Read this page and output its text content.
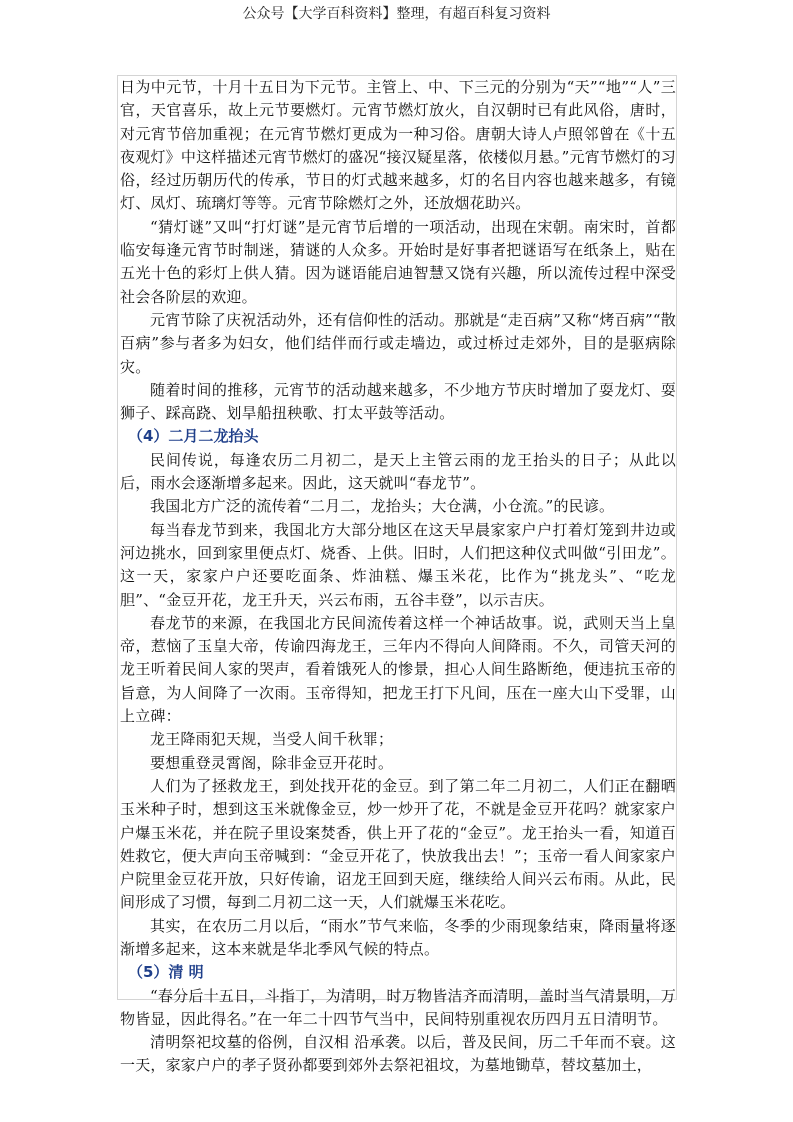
公众号【大学百科资料】整理，有超百科复习资料

日为中元节，十月十五日为下元节。主管上、中、下三元的分别为“天”“地”“人”三官，天官喜乐，故上元节要燃灯。元宵节燃灯放火，自汉朝时已有此风俗，唐时，对元宵节倍加重视；在元宵节燃灯更成为一种习俗。唐朝大诗人卢照邻曾在《十五夜观灯》中这样描述元宵节燃灯的盛况“接汉疑星落，依楼似月悬。”元宵节燃灯的习俗，经过历朝历代的传承，节日的灯式越来越多，灯的名目内容也越来越多，有镜灯、凤灯、琉璃灯等等。元宵节除燃灯之外，还放烟花助兴。

“猜灯谜”又叫“打灯谜”是元宵节后增的一项活动，出现在宋朝。南宋时，首都临安每逢元宵节时制迷，猜谜的人众多。开始时是好事者把谜语写在纸条上，贴在五光十色的彩灯上供人猜。因为谜语能启迪智慧又饶有兴趣，所以流传过程中深受社会各阶层的欢迎。

元宵节除了庆祝活动外，还有信仰性的活动。那就是“走百病”又称“烤百病”“散百病”参与者多为妇女，他们结伴而行或走墙边，或过桥过走郊外，目的是驱病除灾。

随着时间的推移，元宵节的活动越来越多，不少地方节庆时增加了耍龙灯、耍狮子、踩高跷、划旱船扭秧歌、打太平鼓等活动。

（4）二月二龙抬头

民间传说，每逢农历二月初二，是天上主管云雨的龙王抬头的日子；从此以后，雨水会逐渐增多起来。因此，这天就叫“春龙节”。

我国北方广泛的流传着“二月二，龙抬头；大仓满，小仓流。”的民谚。

每当春龙节到来，我国北方大部分地区在这天早晨家家户户打着灯笼到井边或河边挑水，回到家里便点灯、烧香、上供。旧时，人们把这种仪式叫做“引田龙”。这一天，家家户户还要吃面条、炸油糕、爆玉米花，比作为“挑龙头”、“吃龙胆”、“金豆开花，龙王升天，兴云布雨，五谷丰登”，以示吉庆。

春龙节的来源，在我国北方民间流传着这样一个神话故事。说，武则天当上皇帝，惹恼了玉皇大帝，传谕四海龙王，三年内不得向人间降雨。不久，司管天河的龙王听着民间人家的哭声，看着饿死人的惨景，担心人间生路断绝，便违抗玉帝的旨意，为人间降了一次雨。玉帝得知，把龙王打下凡间，压在一座大山下受罪，山上立碑：

龙王降雨犯天规，当受人间千秋罪；

要想重登灵霄阁，除非金豆开花时。

人们为了拯救龙王，到处找开花的金豆。到了第二年二月初二，人们正在翻晒玉米种子时，想到这玉米就像金豆，炒一炒开了花，不就是金豆开花吗？就家家户户爆玉米花，并在院子里设案焚香，供上开了花的“金豆”。龙王抬头一看，知道百姓救它，便大声向玉帝喊到：“金豆开花了，快放我出去！”；玉帝一看人间家家户户院里金豆花开放，只好传谕，诏龙王回到天庭，继续给人间兴云布雨。从此，民间形成了习惯，每到二月初二这一天，人们就爆玉米花吃。

其实，在农历二月以后，“雨水”节气来临，冬季的少雨现象结束，降雨量将逐渐增多起来，这本来就是华北季风气候的特点。

（5）清 明

“春分后十五日，斗指丁，为清明，时万物皆洁齐而清明，盖时当气清景明，万物皆显，因此得名。”在一年二十四节气当中，民间特别重视农历四月五日清明节。

清明祭祀坟墓的俗例，自汉相 沿承袭。以后，普及民间，历二千年而不衰。这一天，家家户户的孝子贤孙都要到郊外去祭祀祖坟，为墓地锄草，替坟墓加土，
